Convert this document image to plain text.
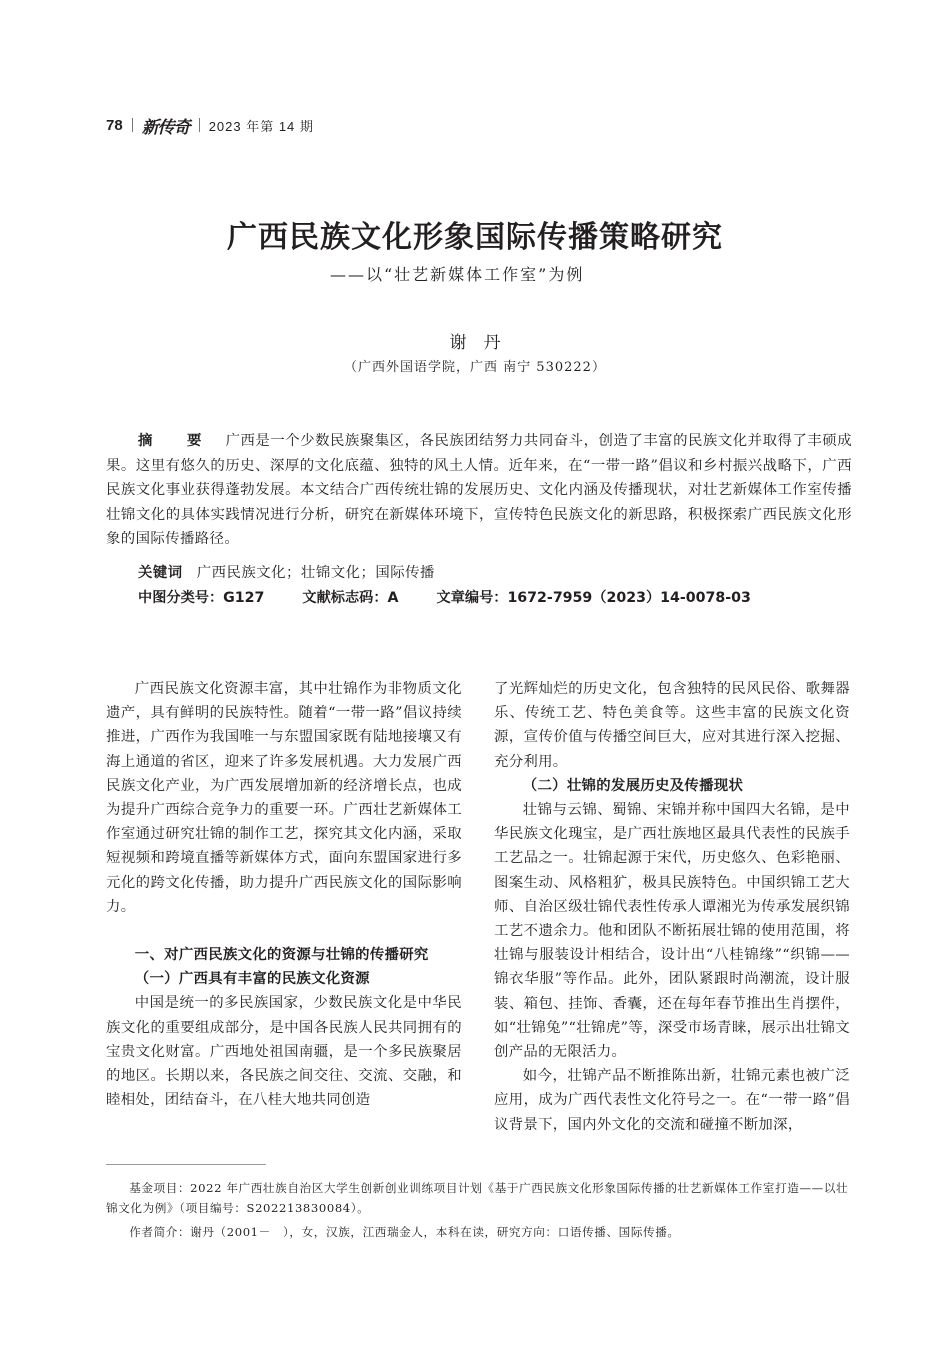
78 新传奇 2023 年第 14 期
广西民族文化形象国际传播策略研究
——以“壮艺新媒体工作室”为例
谢　丹
（广西外国语学院，广西 南宁 530222）

摘　要 广西是一个少数民族聚集区，各民族团结努力共同奋斗，创造了丰富的民族文化并取得了丰硕成果。这里有悠久的历史、深厚的文化底蕴、独特的风土人情。近年来，在“一带一路”倡议和乡村振兴战略下，广西民族文化事业获得蓬勃发展。本文结合广西传统壮锦的发展历史、文化内涵及传播现状，对壮艺新媒体工作室传播壮锦文化的具体实践情况进行分析，研究在新媒体环境下，宣传特色民族文化的新思路，积极探索广西民族文化形象的国际传播路径。

关键词 广西民族文化；壮锦文化；国际传播
中图分类号：G127	文献标志码：A	文章编号：1672-7959（2023）14-0078-03

广西民族文化资源丰富，其中壮锦作为非物质文化遗产，具有鲜明的民族特性。随着“一带一路”倡议持续推进，广西作为我国唯一与东盟国家既有陆地接壤又有海上通道的省区，迎来了许多发展机遇。大力发展广西民族文化产业，为广西发展增加新的经济增长点，也成为提升广西综合竞争力的重要一环。广西壮艺新媒体工作室通过研究壮锦的制作工艺，探究其文化内涵，采取短视频和跨境直播等新媒体方式，面向东盟国家进行多元化的跨文化传播，助力提升广西民族文化的国际影响力。

一、对广西民族文化的资源与壮锦的传播研究
（一）广西具有丰富的民族文化资源

中国是统一的多民族国家，少数民族文化是中华民族文化的重要组成部分，是中国各民族人民共同拥有的宝贵文化财富。广西地处祖国南疆，是一个多民族聚居的地区。长期以来，各民族之间交往、交流、交融，和睦相处，团结奋斗，在八桂大地共同创造

了光辉灿烂的历史文化，包含独特的民风民俗、歌舞器乐、传统工艺、特色美食等。这些丰富的民族文化资源，宣传价值与传播空间巨大，应对其进行深入挖掘、充分利用。

（二）壮锦的发展历史及传播现状

壮锦与云锦、蜀锦、宋锦并称中国四大名锦，是中华民族文化瑰宝，是广西壮族地区最具代表性的民族手工艺品之一。壮锦起源于宋代，历史悠久、色彩艳丽、图案生动、风格粗犷，极具民族特色。中国织锦工艺大师、自治区级壮锦代表性传承人谭湘光为传承发展织锦工艺不遗余力。他和团队不断拓展壮锦的使用范围，将壮锦与服装设计相结合，设计出“八桂锦缘”“织锦——锦衣华服”等作品。此外，团队紧跟时尚潮流，设计服装、箱包、挂饰、香囊，还在每年春节推出生肖摆件，如“壮锦兔”“壮锦虎”等，深受市场青睐，展示出壮锦文创产品的无限活力。

如今，壮锦产品不断推陈出新，壮锦元素也被广泛应用，成为广西代表性文化符号之一。在“一带一路”倡议背景下，国内外文化的交流和碰撞不断加深，

基金项目：2022 年广西壮族自治区大学生创新创业训练项目计划《基于广西民族文化形象国际传播的壮艺新媒体工作室打造——以壮锦文化为例》（项目编号：S202213830084）。

作者简介：谢丹（2001－　），女，汉族，江西瑞金人，本科在读，研究方向：口语传播、国际传播。
